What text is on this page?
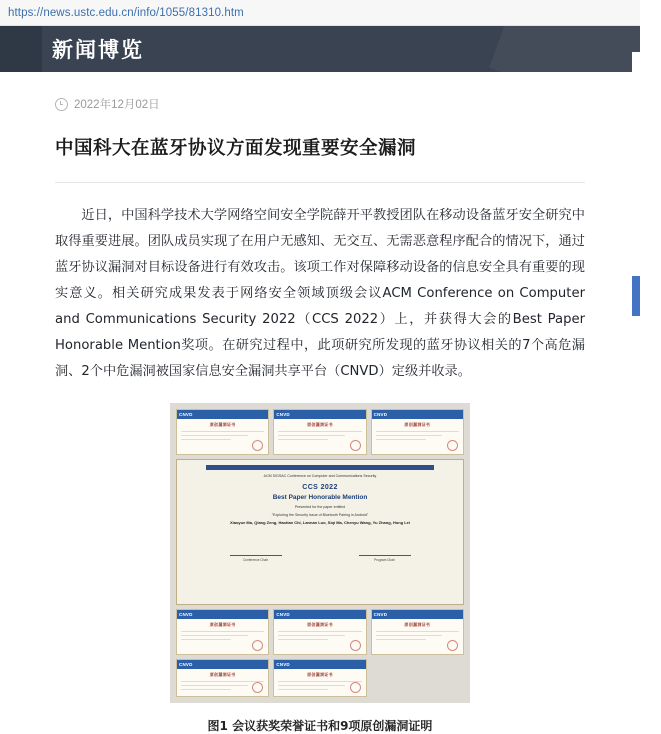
https://news.ustc.edu.cn/info/1055/81310.htm
新闻博览
2022年12月02日
中国科大在蓝牙协议方面发现重要安全漏洞
近日，中国科学技术大学网络空间安全学院薛开平教授团队在移动设备蓝牙安全研究中取得重要进展。团队成员实现了在用户无感知、无交互、无需恶意程序配合的情况下，通过蓝牙协议漏洞对目标设备进行有效攻击。该项工作对保障移动设备的信息安全具有重要的现实意义。相关研究成果发表于网络安全领域顶级会议ACM Conference on Computer and Communications Security 2022（CCS 2022）上，并获得大会的Best Paper Honorable Mention奖项。在研究过程中，此项研究所发现的蓝牙协议相关的7个高危漏洞、2个中危漏洞被国家信息安全漏洞共享平台（CNVD）定级并收录。
CNVD
原创漏洞证书
CNVD
原创漏洞证书
CNVD
原创漏洞证书
ACM SIGSAC Conference on Computer and Communications Security
CCS 2022
Best Paper Honorable Mention
Presented for the paper entitled
"Exploring the Security Issue of Bluetooth Pairing in Android"
Xiaoyue Ma, Qiang Zeng, Haotian Chi, Lannan Luo, Siqi Ma, Chenyu Wang, Yu Zhang, Hong Lei
Conference Chair	Program Chair
CNVD
原创漏洞证书
CNVD
原创漏洞证书
CNVD
原创漏洞证书
CNVD
原创漏洞证书
CNVD
原创漏洞证书
图1 会议获奖荣誉证书和9项原创漏洞证明
